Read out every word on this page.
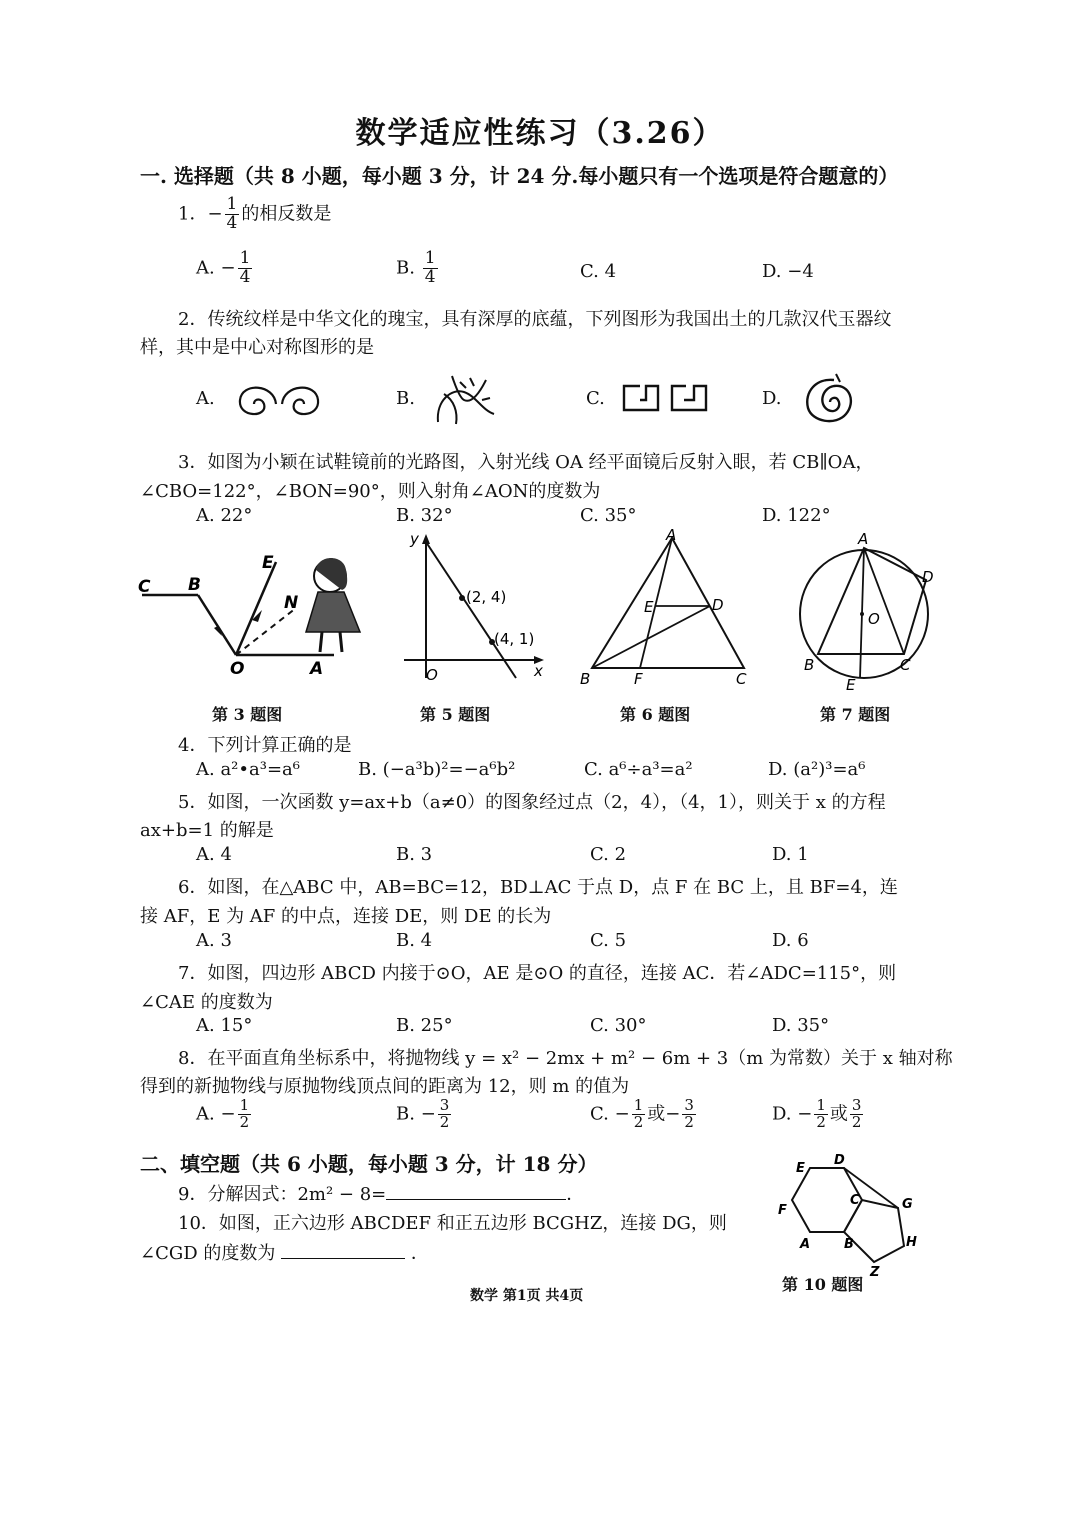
数学适应性练习（3.26）
一. 选择题（共 8 小题，每小题 3 分，计 24 分.每小题只有一个选项是符合题意的）
1．− $\frac{1}{4}$ 的相反数是
A. − $\frac{1}{4}$	B. $\frac{1}{4}$	C. 4	D. −4
2．传统纹样是中华文化的瑰宝，具有深厚的底蕴，下列图形为我国出土的几款汉代玉器纹
样，其中是中心对称图形的是
A.	B.	C.	D.
3．如图为小颖在试鞋镜前的光路图，入射光线 OA 经平面镜后反射入眼，若 CB∥OA，
∠CBO=122°，∠BON=90°，则入射角∠AON的度数为
A. 22°	B. 32°	C. 35°	D. 122°
C B
E
N
O	A
第 3 题图
y
(2, 4)
(4, 1)
O	x
第 5 题图
A
E	D
B	F	C
第 6 题图
A
D
O
B	C
E
第 7 题图
4．下列计算正确的是
A. a²•a³=a⁶	B. (−a³b)²=−a⁶b²	C. a⁶÷a³=a²	D. (a²)³=a⁶
5．如图，一次函数 y=ax+b（a≠0）的图象经过点（2，4），（4，1），则关于 x 的方程
ax+b=1 的解是
A. 4	B. 3	C. 2	D. 1
6．如图，在△ABC 中，AB=BC=12，BD⊥AC 于点 D，点 F 在 BC 上，且 BF=4，连
接 AF，E 为 AF 的中点，连接 DE，则 DE 的长为
A. 3	B. 4	C. 5	D. 6
7．如图，四边形 ABCD 内接于⊙O，AE 是⊙O 的直径，连接 AC．若∠ADC=115°，则
∠CAE 的度数为
A. 15°	B. 25°	C. 30°	D. 35°
8．在平面直角坐标系中，将抛物线 y = x² − 2mx + m² − 6m + 3（m 为常数）关于 x 轴对称
得到的新抛物线与原抛物线顶点间的距离为 12，则 m 的值为
A. − $\frac{1}{2}$	B. − $\frac{3}{2}$	C. − $\frac{1}{2}$ 或− $\frac{3}{2}$	D. − $\frac{1}{2}$ 或 $\frac{3}{2}$
二、填空题（共 6 小题，每小题 3 分，计 18 分）
9．分解因式：2m² − 8=	．
10．如图，正六边形 ABCDEF 和正五边形 BCGHZ，连接 DG，则
∠CGD 的度数为	．
E
D
C	G
F
A	B	H
Z
第 10 题图
数学 第1页 共4页
